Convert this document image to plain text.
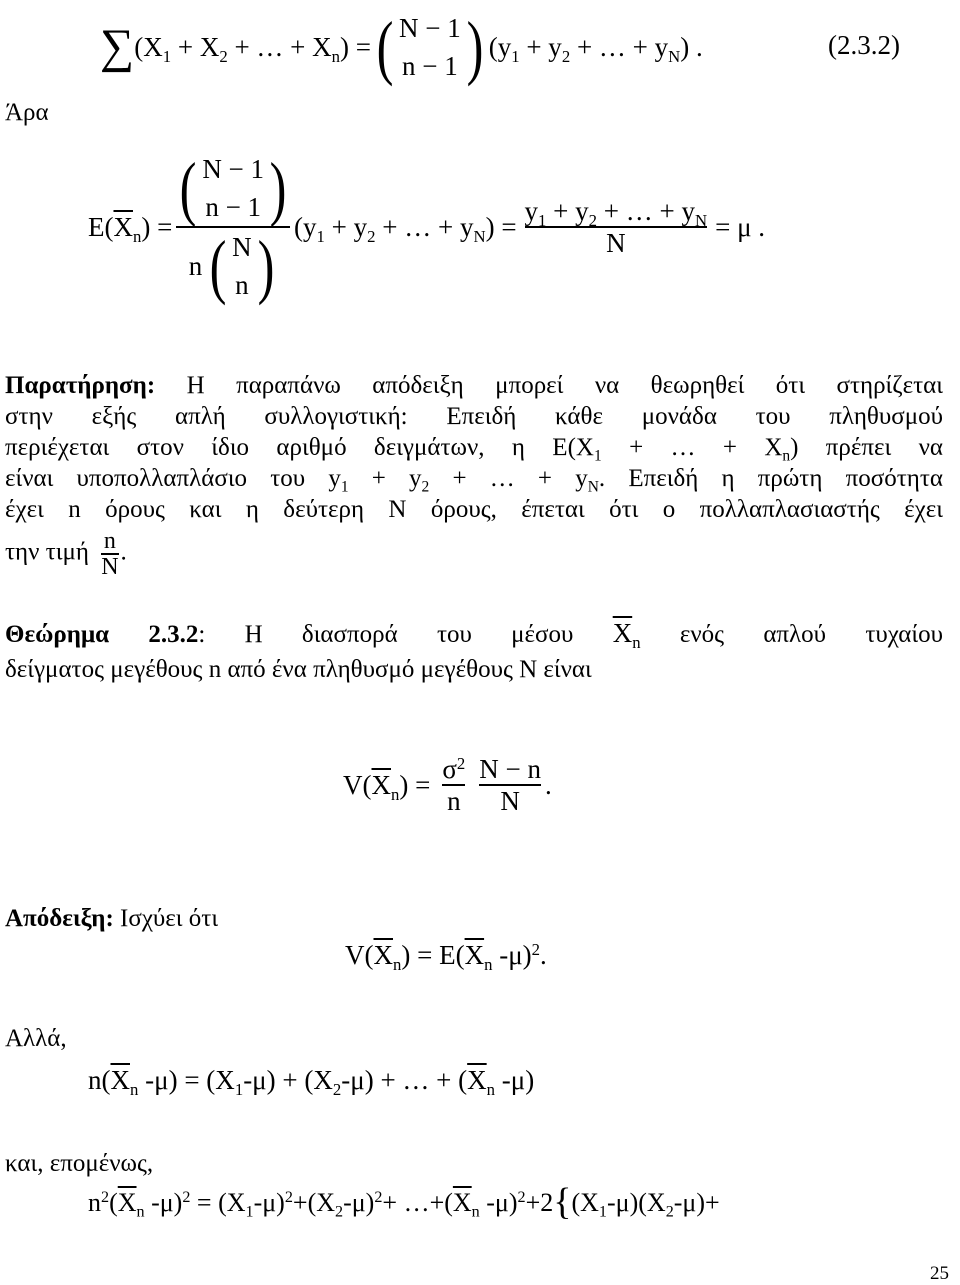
∑ ($X_1 + X_2$ + … + $X_n$) = ( N − 1
n − 1 ) ($y_1 + y_2$ + … + $y_N$) .	(2.3.2)
Άρα
$E(\overline{X}_n)$ = ( N − 1
n − 1 )
n ( N
n ) ($y_1 + y_2$ + … + $y_N) = \frac{y_1 + y_2 + \dots + y_N}{N} = \mu$ .
Παρατήρηση: Η παραπάνω απόδειξη μπορεί να θεωρηθεί ότι στηρίζεται
στην εξής απλή συλλογιστική: Επειδή κάθε μονάδα του πληθυσμού
περιέχεται στον ίδιο αριθμό δειγμάτων, η $E(X_1$ + … + $X_n$) πρέπει να
είναι υποπολλαπλάσιο του $y_1 + y_2$ + … + $y_N$. Επειδή η πρώτη ποσότητα
έχει n όρους και η δεύτερη N όρους, έπεται ότι ο πολλαπλασιαστής έχει
την τιμή $\frac{n}{N}$ .
Θεώρημα 2.3.2: Η διασπορά του μέσου $\overline{X}_n$ ενός απλού τυχαίου
δείγματος μεγέθους n από ένα πληθυσμό μεγέθους Ν είναι
$V(\overline{X}_n) = \frac{\sigma^2}{n} \frac{N - n}{N}$ .
Απόδειξη: Ισχύει ότι
$V(\overline{X}_n) = E(\overline{X}_n$ -μ)$^2$.
Αλλά,
$n(\overline{X}_n$ $-\mu) = (X_1-\mu) + (X_2-\mu)$ + … + ($\overline{X}_n$ -μ)
και, επομένως,
$n^2(\overline{X}_n$ $-\mu)^2 = (X_1-\mu)^2+(X_2-\mu)^2+$ $\dots+(\overline{X}_n$ $-\mu)^2+2\{(X_1-\mu)(X_2-\mu)+$
25
